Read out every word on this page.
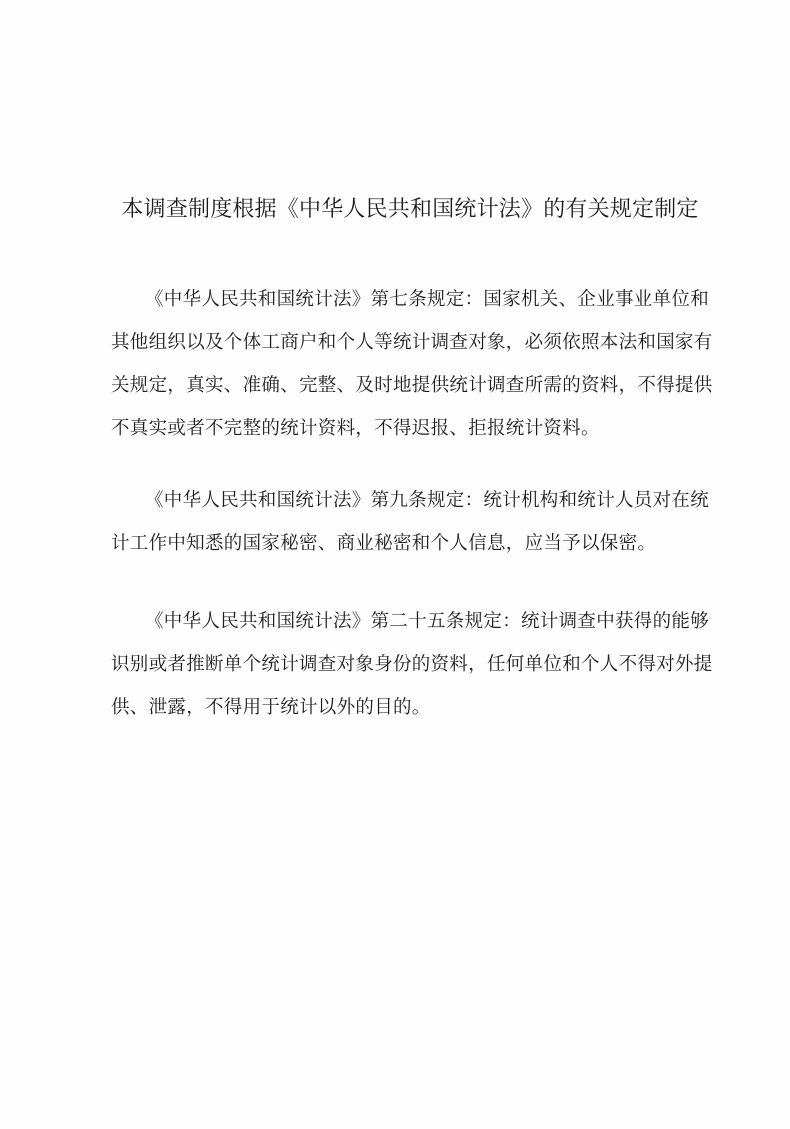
本调查制度根据《中华人民共和国统计法》的有关规定制定

《中华人民共和国统计法》第七条规定：国家机关、企业事业单位和
其他组织以及个体工商户和个人等统计调查对象，必须依照本法和国家有
关规定，真实、准确、完整、及时地提供统计调查所需的资料，不得提供
不真实或者不完整的统计资料，不得迟报、拒报统计资料。

《中华人民共和国统计法》第九条规定：统计机构和统计人员对在统
计工作中知悉的国家秘密、商业秘密和个人信息，应当予以保密。

《中华人民共和国统计法》第二十五条规定：统计调查中获得的能够
识别或者推断单个统计调查对象身份的资料，任何单位和个人不得对外提
供、泄露，不得用于统计以外的目的。
